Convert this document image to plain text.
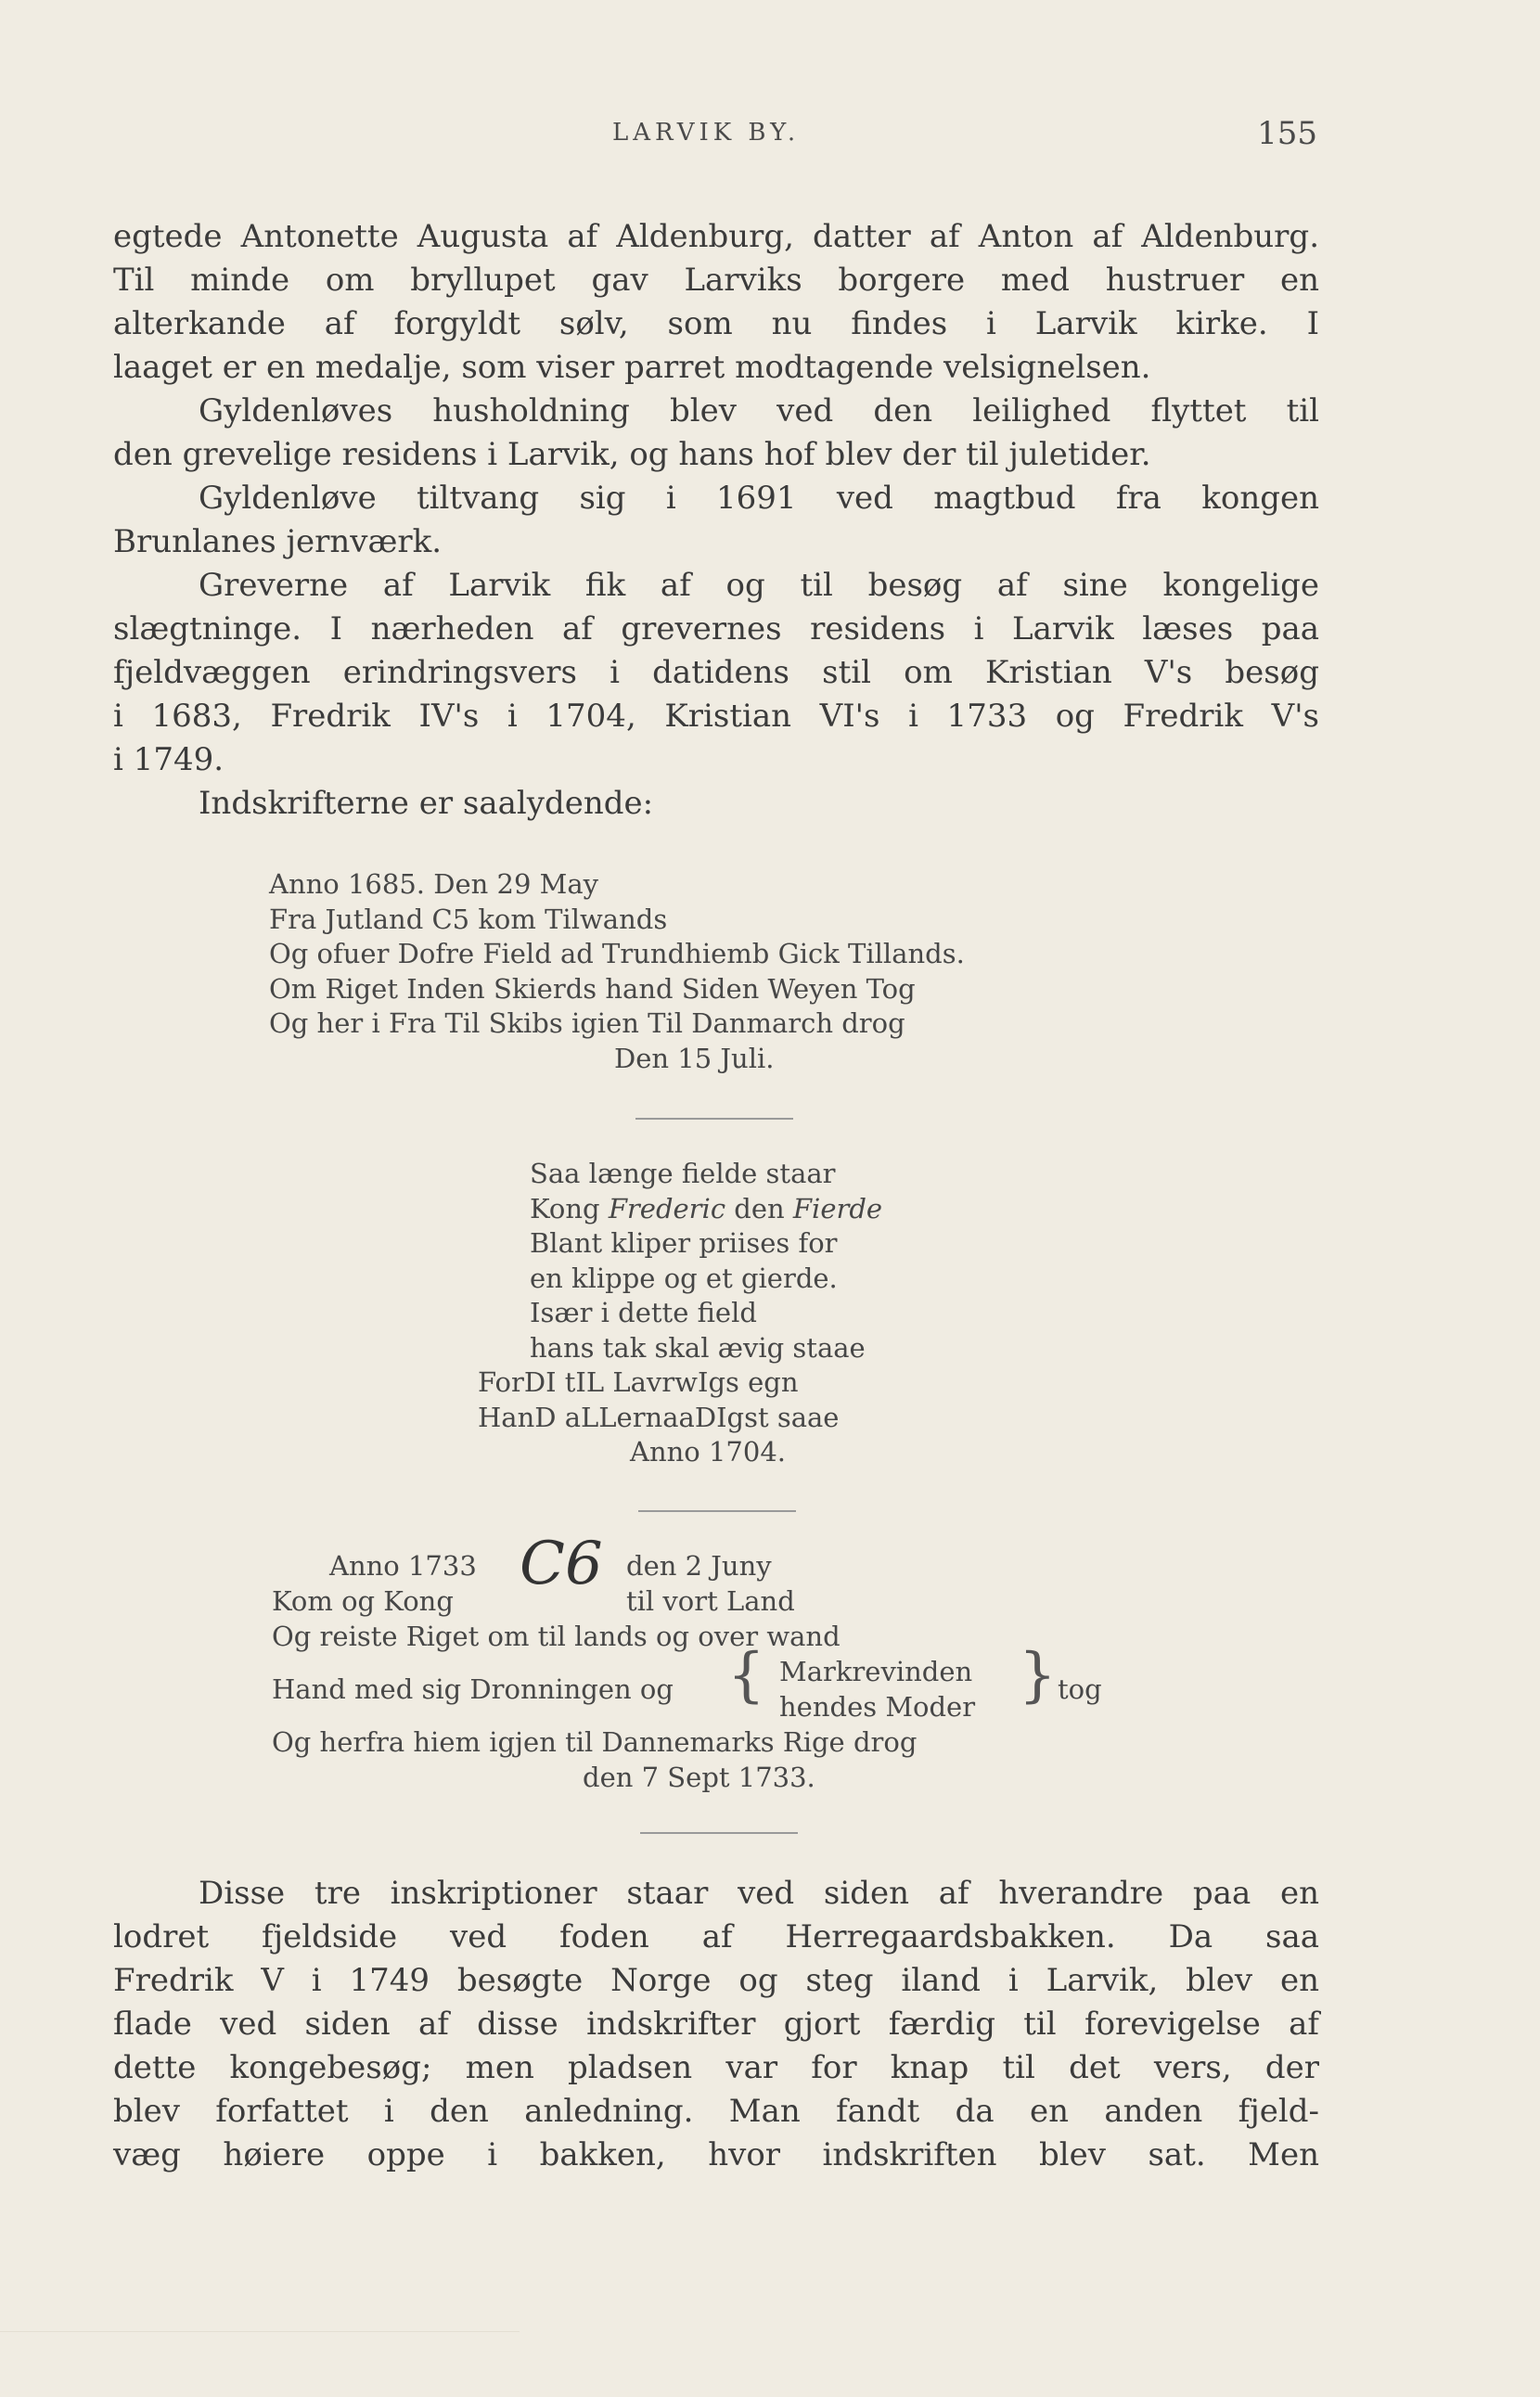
LARVIK BY.	155

egtede Antonette Augusta af Aldenburg, datter af Anton af Aldenburg.

Til minde om bryllupet gav Larviks borgere med hustruer en

alterkande af forgyldt sølv, som nu findes i Larvik kirke. I

laaget er en medalje, som viser parret modtagende velsignelsen.

Gyldenløves husholdning blev ved den leilighed flyttet til

den grevelige residens i Larvik, og hans hof blev der til juletider.

Gyldenløve tiltvang sig i 1691 ved magtbud fra kongen

Brunlanes jernværk.

Greverne af Larvik fik af og til besøg af sine kongelige

slægtninge. I nærheden af grevernes residens i Larvik læses paa

fjeldvæggen erindringsvers i datidens stil om Kristian V's besøg

i 1683, Fredrik IV's i 1704, Kristian VI's i 1733 og Fredrik V's

i 1749.

Indskrifterne er saalydende:

Anno 1685. Den 29 May
Fra Jutland C5 kom Tilwands
Og ofuer Dofre Field ad Trundhiemb Gick Tillands.
Om Riget Inden Skierds hand Siden Weyen Tog
Og her i Fra Til Skibs igien Til Danmarch drog
Den 15 Juli.
Saa længe fielde staar
Kong Frederic den Fierde
Blant kliper priises for
en klippe og et gierde.
Især i dette field
hans tak skal ævig staae
ForDI tIL LavrwIgs egn
HanD aLLernaaDIgst saae
Anno 1704.
Anno 1733
Kom og Kong
C6 den 2 Juny
til vort Land
Og reiste Riget om til lands og over wand
Hand med sig Dronningen og { Markrevinden
hendes Moder } tog
Og herfra hiem igjen til Dannemarks Rige drog
den 7 Sept 1733.

Disse tre inskriptioner staar ved siden af hverandre paa en

lodret fjeldside ved foden af Herregaardsbakken. Da saa

Fredrik V i 1749 besøgte Norge og steg iland i Larvik, blev en

flade ved siden af disse indskrifter gjort færdig til forevigelse af

dette kongebesøg; men pladsen var for knap til det vers, der

blev forfattet i den anledning. Man fandt da en anden fjeld-

væg høiere oppe i bakken, hvor indskriften blev sat. Men
